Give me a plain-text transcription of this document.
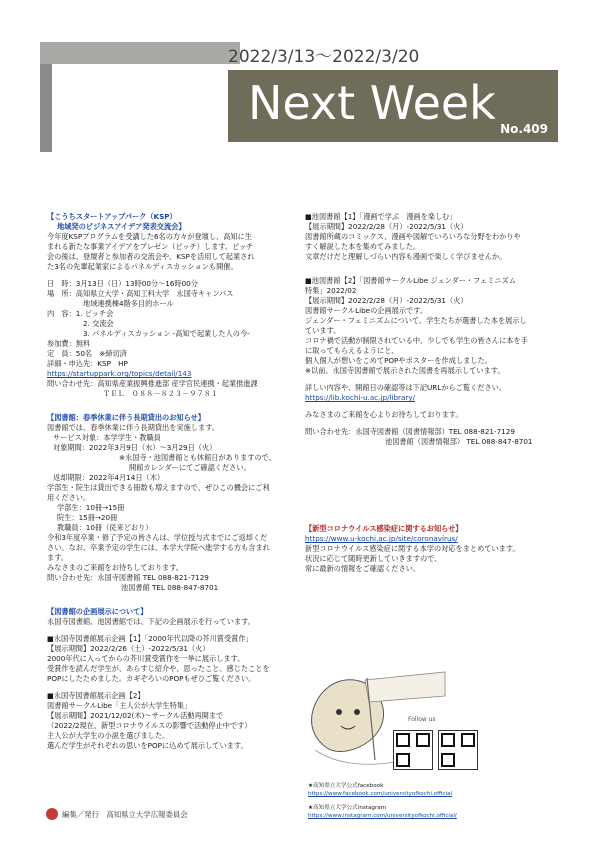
2022/3/13～2022/3/20
Next Week No.409
【こうちスタートアップパーク（KSP）
地域発のビジネスアイデア発表交流会】
今年度KSPプログラムを受講した6名の方々が登壇し、高知に生
まれる新たな事業アイデアをプレゼン（ピッチ）します。ピッチ
会の後は、登壇者と参加者の交流会や、KSPを活用して起業され
た3名の先輩起業家によるパネルディスカッションも開催。
日　時：3月13日（日）13時00分～16時00分
場　所：高知県立大学・高知工科大学　永国寺キャンパス
地域連携棟4階多目的ホール
内　容：1. ピッチ会
2. 交流会
3. パネルディスカッション -高知で起業した人の今-
参加費：無料
定　員：50名　※締切済
詳細・申込先：KSP　HP
https://startuppark.org/topics/detail/143
問い合わせ先：高知県産業振興推進部 産学官民連携・起業推進課
ＴＥＬ　０８８－８２３－９７８１
【図書館：春季休業に伴う長期貸出のお知らせ】
図書館では、春季休業に伴う長期貸出を実施します。
サービス対象：本学学生・教職員
対象期間：2022年3月9日（水）～3月29日（火）
※永国寺・池図書館とも休館日がありますので、
開館カレンダーにてご確認ください。
返却期限：2022年4月14日（木）
学部生・院生は貸出できる冊数も増えますので、ぜひこの機会にご利
用ください。
学部生：10冊→15冊
院生：15冊→20冊
教職員：10冊（従来どおり）
令和3年度卒業・修了予定の皆さんは、学位授与式までにご返却くだ
さい。なお、卒業予定の学生には、本学大学院へ進学する方も含まれ
ます。
みなさまのご来館をお待ちしております。
問い合わせ先：永国寺図書館 TEL 088-821-7129
池図書館 TEL 088-847-8701
【図書館の企画展示について】
永国寺図書館、池図書館では、下記の企画展示を行っています。
■永国寺図書館展示企画【1】「2000年代以降の芥川賞受賞作」
【展示期間】2022/2/26（土）-2022/5/31（火）
2000年代に入ってからの芥川賞受賞作を一挙に展示します。
受賞作を読んだ学生が、あらすじ紹介や、思ったこと、感じたことを
POPにしたためました。カギぞろいのPOPもぜひご覧ください。
■永国寺図書館展示企画【2】
図書館サークルLibe「主人公が大学生特集」
【展示期間】2021/12/02(木)～サークル活動再開まで
（2022/2現在、新型コロナウイルスの影響で活動停止中です）
主人公が大学生の小説を選びました。
選んだ学生がそれぞれの思いをPOPに込めて展示しています。
■池図書館【1】「漫画で学ぶ　漫画を楽しむ」
【展示期間】2022/2/28（月）-2022/5/31（火）
図書館所蔵のコミックス、漫画や図解でいろいろな分野をわかりや
すく解説した本を集めてみました。
文章だけだと理解しづらい内容も漫画で楽しく学びませんか。
■池図書館【2】「図書館サークルLibe ジェンダー・フェミニズム
特集」2022/02
【展示期間】2022/2/28（月）-2022/5/31（火）
図書館サークルLibeの企画展示です。
ジェンダー・フェミニズムについて、学生たちが選書した本を展示し
ています。
コロナ禍で活動が制限されている中、少しでも学生の皆さんに本を手
に取ってもらえるようにと、
個人個人が想いをこめてPOPやポスターを作成しました。
※以前、永国寺図書館で展示された図書を再展示しています。
詳しい内容や、開館日の確認等は下記URLからご覧ください。
https://lib.kochi-u.ac.jp/library/
みなさまのご来館を心よりお待ちしております。
問い合わせ先：永国寺図書館（図書情報部）TEL 088-821-7129
池図書館（図書情報部） TEL 088-847-8701
【新型コロナウイルス感染症に関するお知らせ】
https://www.u-kochi.ac.jp/site/coronavirus/
新型コロナウイルス感染症に関する本学の対応をまとめています。
状況に応じて随時更新していきますので、
常に最新の情報をご確認ください。
Follow us
★高知県立大学公式facebook
https://www.facebook.com/universityofkochi.official
★高知県立大学公式instagram
https://www.instagram.com/universityofkochi.official/
編集／発行　高知県立大学広報委員会
